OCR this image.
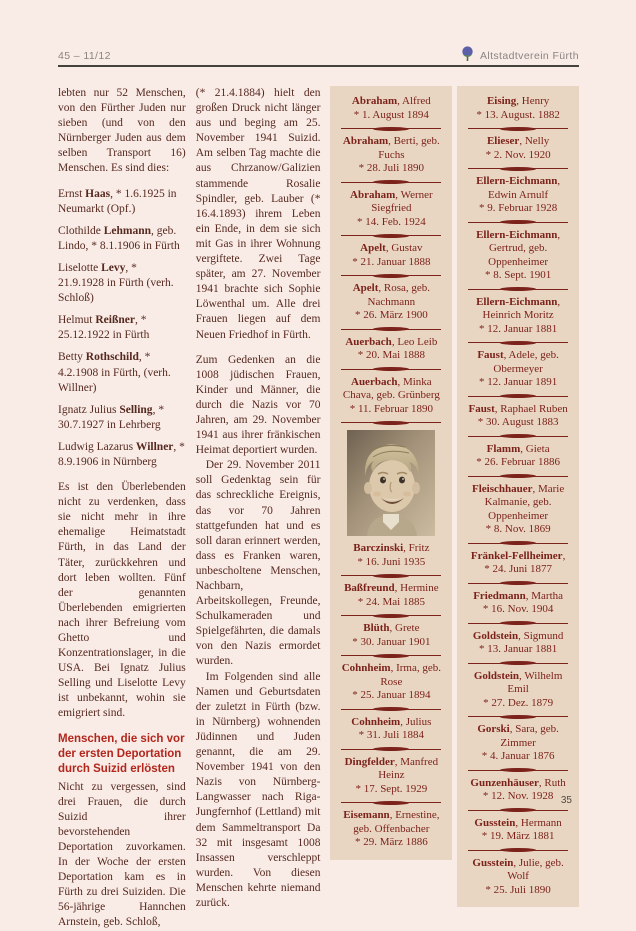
45 – 11/12	Altstadtverein Fürth

lebten nur 52 Menschen, von den Fürther Juden nur sieben (und von den Nürnberger Juden aus dem selben Transport 16) Menschen. Es sind dies:

Ernst Haas, * 1.6.1925 in Neumarkt (Opf.)

Clothilde Lehmann, geb. Lindo, * 8.1.1906 in Fürth

Liselotte Levy, * 21.9.1928 in Fürth (verh. Schloß)

Helmut Reißner, * 25.12.1922 in Fürth

Betty Rothschild, * 4.2.1908 in Fürth, (verh. Willner)

Ignatz Julius Selling, * 30.7.1927 in Lehrberg

Ludwig Lazarus Willner, * 8.9.1906 in Nürnberg

Es ist den Überlebenden nicht zu verdenken, dass sie nicht mehr in ihre ehemalige Heimatstadt Fürth, in das Land der Täter, zurückkehren und dort leben wollten. Fünf der genannten Überlebenden emigrierten nach ihrer Befreiung vom Ghetto und Konzentrationslager, in die USA. Bei Ignatz Julius Selling und Liselotte Levy ist unbekannt, wohin sie emigriert sind.

Menschen, die sich vor der ersten Deportation durch Suizid erlösten

Nicht zu vergessen, sind drei Frauen, die durch Suizid ihrer bevorstehenden Deportation zuvorkamen. In der Woche der ersten Deportation kam es in Fürth zu drei Suiziden. Die 56-jährige Hannchen Arnstein, geb. Schloß,

(* 21.4.1884) hielt den großen Druck nicht länger aus und beging am 25. November 1941 Suizid. Am selben Tag machte die aus Chrzanow/Galizien stammende Rosalie Spindler, geb. Lauber (* 16.4.1893) ihrem Leben ein Ende, in dem sie sich mit Gas in ihrer Wohnung vergiftete. Zwei Tage später, am 27. November 1941 brachte sich Sophie Löwenthal um. Alle drei Frauen liegen auf dem Neuen Friedhof in Fürth.

Zum Gedenken an die 1008 jüdischen Frauen, Kinder und Männer, die durch die Nazis vor 70 Jahren, am 29. November 1941 aus ihrer fränkischen Heimat deportiert wurden.

Der 29. November 2011 soll Gedenktag sein für das schreckliche Ereignis, das vor 70 Jahren stattgefunden hat und es soll daran erinnert werden, dass es Franken waren, unbescholtene Menschen, Nachbarn, Arbeitskollegen, Freunde, Schulkameraden und Spielgefährten, die damals von den Nazis ermordet wurden.

Im Folgenden sind alle Namen und Geburtsdaten der zuletzt in Fürth (bzw. in Nürnberg) wohnenden Jüdinnen und Juden genannt, die am 29. November 1941 von den Nazis von Nürnberg-Langwasser nach Riga-Jungfernhof (Lettland) mit dem Sammeltransport Da 32 mit insgesamt 1008 Insassen verschleppt wurden. Von diesen Menschen kehrte niemand zurück.

Abraham, Alfred
* 1. August 1894
Abraham, Berti, geb. Fuchs
* 28. Juli 1890
Abraham, Werner Siegfried
* 14. Feb. 1924
Apelt, Gustav
* 21. Januar 1888
Apelt, Rosa, geb. Nachmann
* 26. März 1900
Auerbach, Leo Leib
* 20. Mai 1888
Auerbach, Minka Chava, geb. Grünberg
* 11. Februar 1890
Barczinski, Fritz
* 16. Juni 1935
Baßfreund, Hermine
* 24. Mai 1885
Blüth, Grete
* 30. Januar 1901
Cohnheim, Irma, geb. Rose
* 25. Januar 1894
Cohnheim, Julius
* 31. Juli 1884
Dingfelder, Manfred Heinz
* 17. Sept. 1929
Eisemann, Ernestine, geb. Offenbacher
* 29. März 1886
Eising, Henry
* 13. August. 1882
Elieser, Nelly
* 2. Nov. 1920
Ellern-Eichmann, Edwin Arnulf
* 9. Februar 1928
Ellern-Eichmann, Gertrud, geb. Oppenheimer
* 8. Sept. 1901
Ellern-Eichmann, Heinrich Moritz
* 12. Januar 1881
Faust, Adele, geb. Obermeyer
* 12. Januar 1891
Faust, Raphael Ruben
* 30. August 1883
Flamm, Gieta
* 26. Februar 1886
Fleischhauer, Marie Kalmanie, geb. Oppenheimer
* 8. Nov. 1869
Fränkel-Fellheimer,
* 24. Juni 1877
Friedmann, Martha
* 16. Nov. 1904
Goldstein, Sigmund
* 13. Januar 1881
Goldstein, Wilhelm Emil
* 27. Dez. 1879
Gorski, Sara, geb. Zimmer
* 4. Januar 1876
Gunzenhäuser, Ruth
* 12. Nov. 1928
Gusstein, Hermann
* 19. März 1881
Gusstein, Julie, geb. Wolf
* 25. Juli 1890
35
